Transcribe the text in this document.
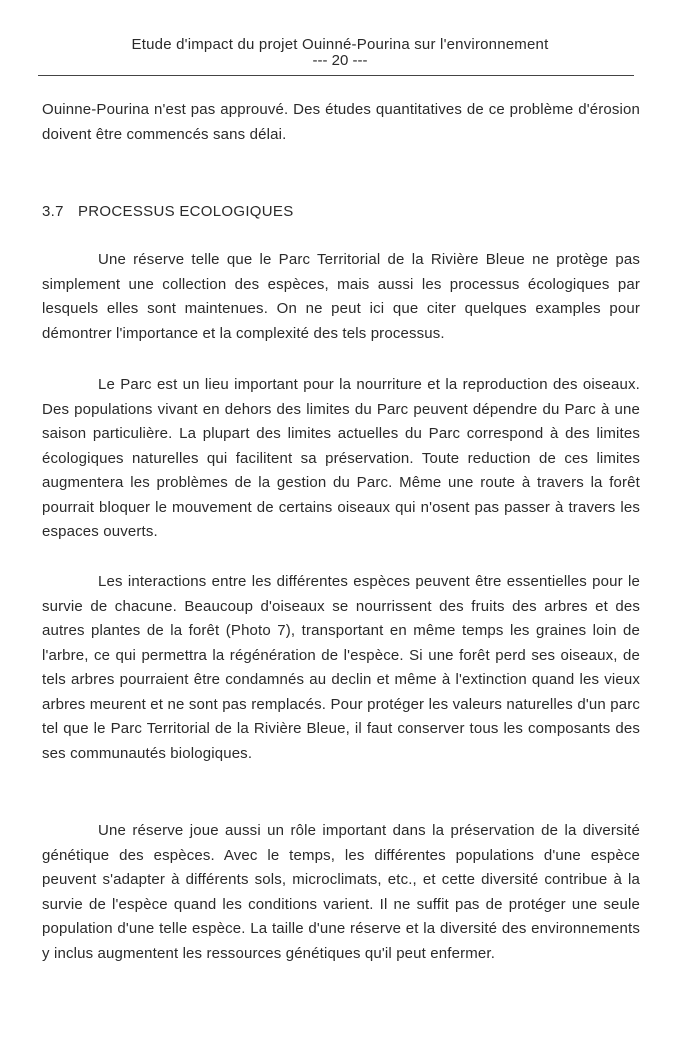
Etude d'impact du projet Ouinné-Pourina sur l'environnement
--- 20 ---

Ouinne-Pourina n'est pas approuvé. Des études quantitatives de ce problème d'érosion doivent être commencés sans délai.

3.7 PROCESSUS ECOLOGIQUES

Une réserve telle que le Parc Territorial de la Rivière Bleue ne protège pas simplement une collection des espèces, mais aussi les processus écologiques par lesquels elles sont maintenues. On ne peut ici que citer quelques examples pour démontrer l'importance et la complexité des tels processus.

Le Parc est un lieu important pour la nourriture et la reproduction des oiseaux. Des populations vivant en dehors des limites du Parc peuvent dépendre du Parc à une saison particulière. La plupart des limites actuelles du Parc correspond à des limites écologiques naturelles qui facilitent sa préservation. Toute reduction de ces limites augmentera les problèmes de la gestion du Parc. Même une route à travers la forêt pourrait bloquer le mouvement de certains oiseaux qui n'osent pas passer à travers les espaces ouverts.

Les interactions entre les différentes espèces peuvent être essentielles pour le survie de chacune. Beaucoup d'oiseaux se nourrissent des fruits des arbres et des autres plantes de la forêt (Photo 7), transportant en même temps les graines loin de l'arbre, ce qui permettra la régénération de l'espèce. Si une forêt perd ses oiseaux, de tels arbres pourraient être condamnés au declin et même à l'extinction quand les vieux arbres meurent et ne sont pas remplacés. Pour protéger les valeurs naturelles d'un parc tel que le Parc Territorial de la Rivière Bleue, il faut conserver tous les composants des ses communautés biologiques.

Une réserve joue aussi un rôle important dans la préservation de la diversité génétique des espèces. Avec le temps, les différentes populations d'une espèce peuvent s'adapter à différents sols, microclimats, etc., et cette diversité contribue à la survie de l'espèce quand les conditions varient. Il ne suffit pas de protéger une seule population d'une telle espèce. La taille d'une réserve et la diversité des environnements y inclus augmentent les ressources génétiques qu'il peut enfermer.
